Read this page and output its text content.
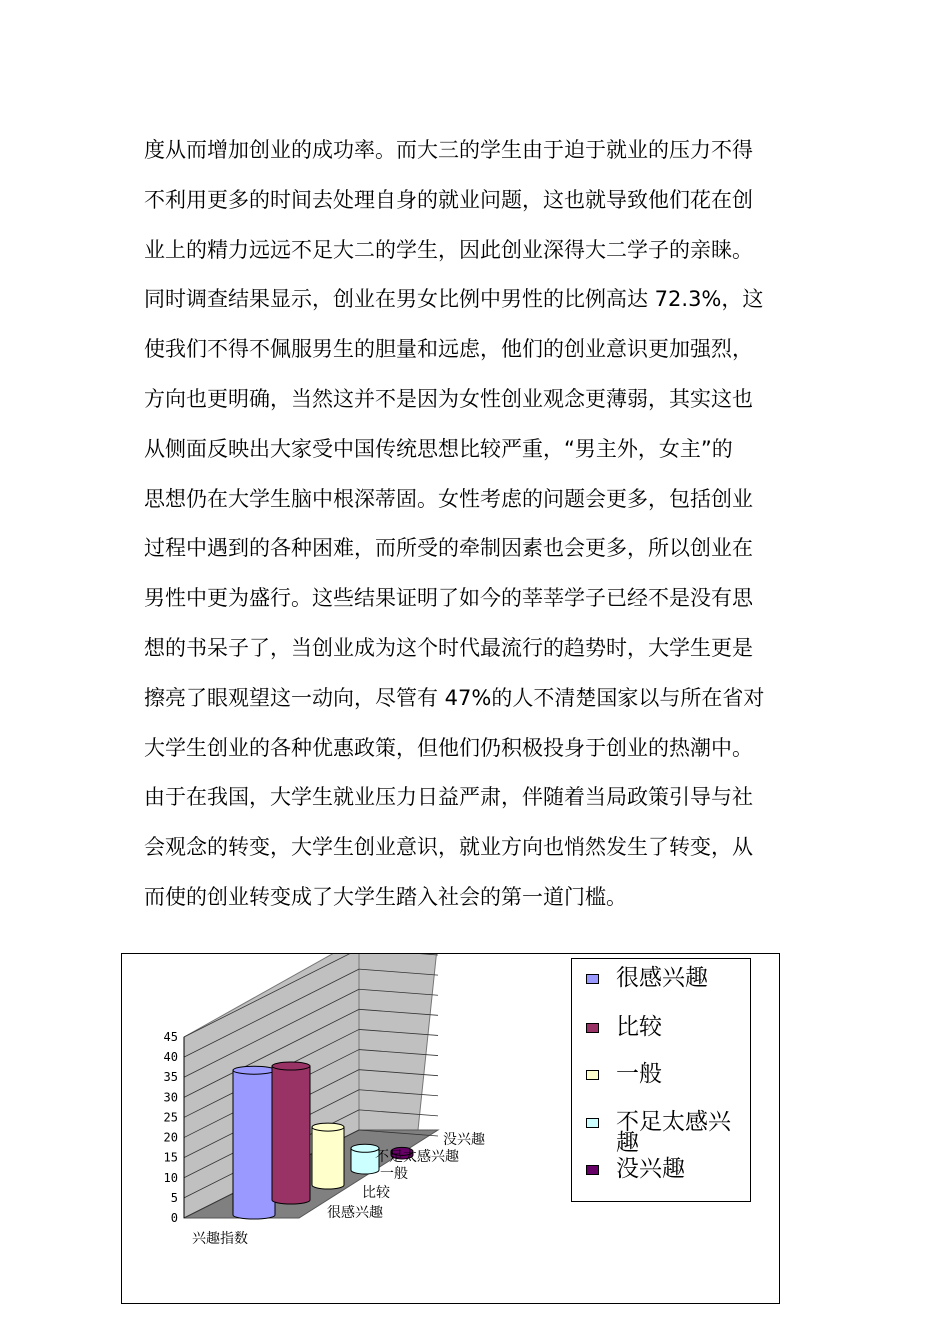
度从而增加创业的成功率。而大三的学生由于迫于就业的压力不得
不利用更多的时间去处理自身的就业问题，这也就导致他们花在创
业上的精力远远不足大二的学生，因此创业深得大二学子的亲睐。
同时调查结果显示，创业在男女比例中男性的比例高达 72.3%，这
使我们不得不佩服男生的胆量和远虑，他们的创业意识更加强烈，
方向也更明确，当然这并不是因为女性创业观念更薄弱，其实这也
从侧面反映出大家受中国传统思想比较严重，“男主外，女主”的
思想仍在大学生脑中根深蒂固。女性考虑的问题会更多，包括创业
过程中遇到的各种困难，而所受的牵制因素也会更多，所以创业在
男性中更为盛行。这些结果证明了如今的莘莘学子已经不是没有思
想的书呆子了，当创业成为这个时代最流行的趋势时，大学生更是
擦亮了眼观望这一动向，尽管有 47%的人不清楚国家以与所在省对
大学生创业的各种优惠政策，但他们仍积极投身于创业的热潮中。
由于在我国，大学生就业压力日益严肃，伴随着当局政策引导与社
会观念的转变，大学生创业意识，就业方向也悄然发生了转变，从
而使的创业转变成了大学生踏入社会的第一道门槛。
0
5
10
15
20
25
30
35
40
45
很感兴趣
比较
一般
不足太感兴趣
没兴趣
兴趣指数
很感兴趣
比较
一般
不足太感兴趣
没兴趣
